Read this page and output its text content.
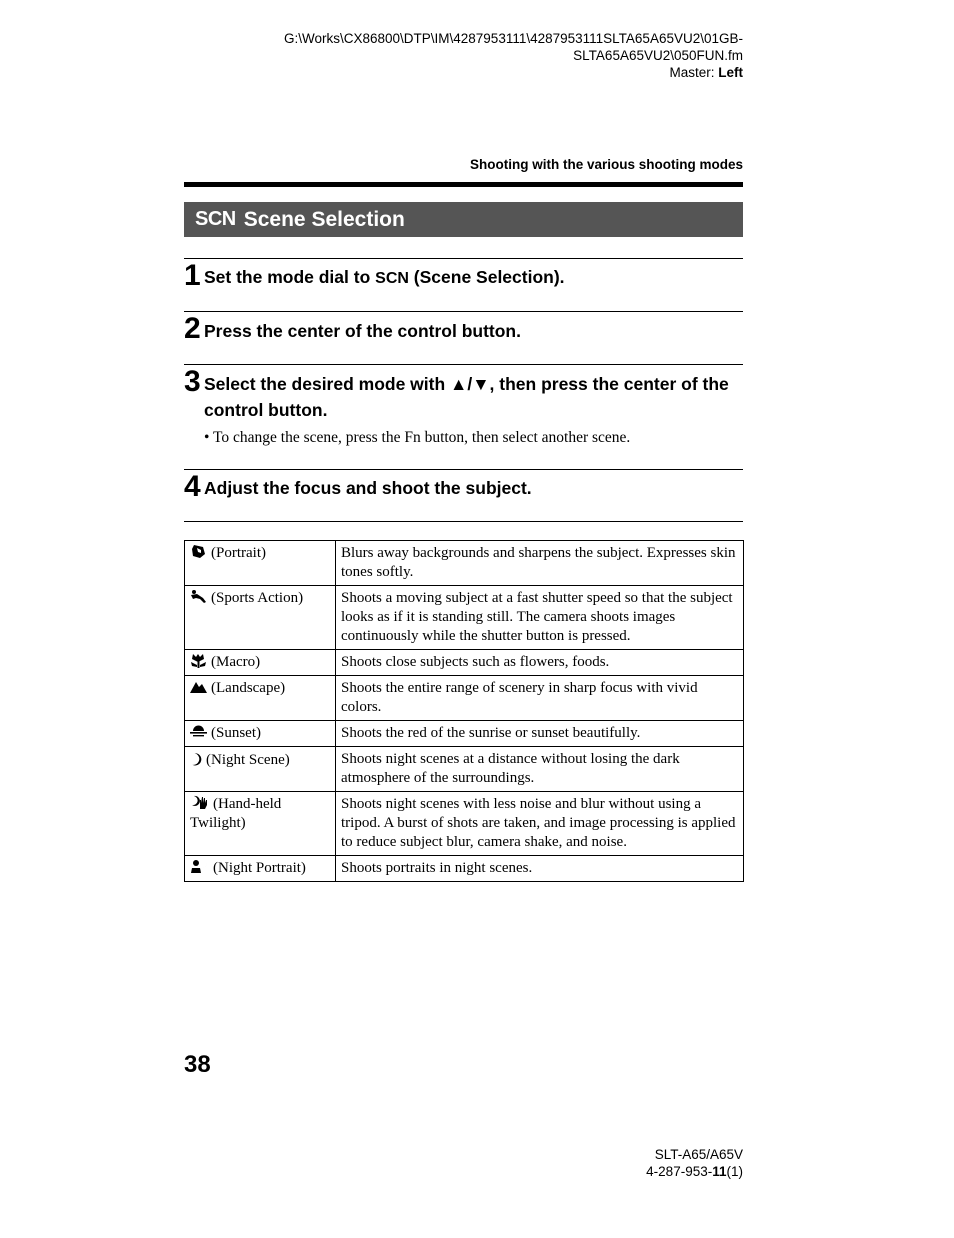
G:\Works\CX86800\DTP\IM\4287953111\4287953111SLTA65A65VU2\01GB-
SLTA65A65VU2\050FUN.fm
Master: Left
Shooting with the various shooting modes
SCN Scene Selection
1 Set the mode dial to SCN (Scene Selection).
2 Press the center of the control button.
3 Select the desired mode with ▲/▼, then press the center of the control button.
• To change the scene, press the Fn button, then select another scene.
4 Adjust the focus and shoot the subject.
(Portrait)	Blurs away backgrounds and sharpens the subject. Expresses skin tones softly.
(Sports Action)	Shoots a moving subject at a fast shutter speed so that the subject looks as if it is standing still. The camera shoots images continuously while the shutter button is pressed.
(Macro)	Shoots close subjects such as flowers, foods.
(Landscape)	Shoots the entire range of scenery in sharp focus with vivid colors.
(Sunset)	Shoots the red of the sunrise or sunset beautifully.
(Night Scene)	Shoots night scenes at a distance without losing the dark atmosphere of the surroundings.
(Hand-held Twilight)	Shoots night scenes with less noise and blur without using a tripod. A burst of shots are taken, and image processing is applied to reduce subject blur, camera shake, and noise.
(Night Portrait)	Shoots portraits in night scenes.
38
SLT-A65/A65V
4-287-953-11(1)
